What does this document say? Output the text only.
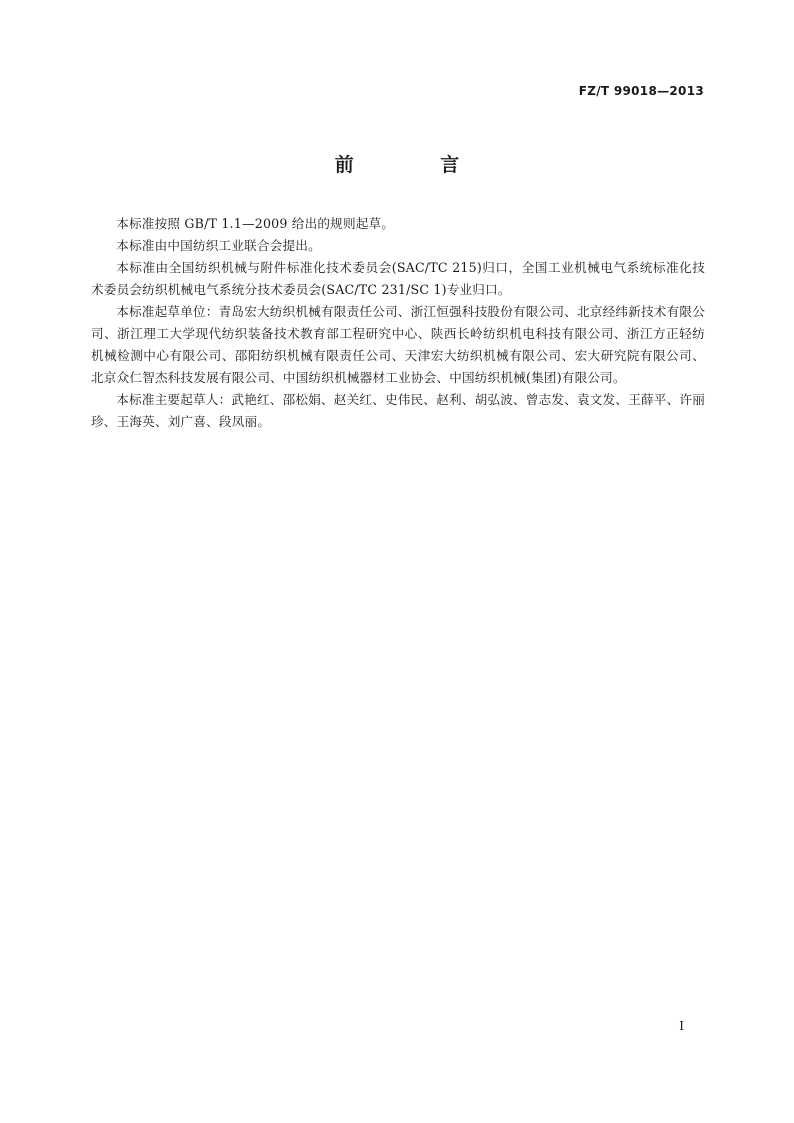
FZ/T 99018—2013
前 言

本标准按照 GB/T 1.1—2009 给出的规则起草。

本标准由中国纺织工业联合会提出。

本标准由全国纺织机械与附件标准化技术委员会(SAC/TC 215)归口，全国工业机械电气系统标准化技术委员会纺织机械电气系统分技术委员会(SAC/TC 231/SC 1)专业归口。

本标准起草单位：青岛宏大纺织机械有限责任公司、浙江恒强科技股份有限公司、北京经纬新技术有限公司、浙江理工大学现代纺织装备技术教育部工程研究中心、陕西长岭纺织机电科技有限公司、浙江方正轻纺机械检测中心有限公司、邵阳纺织机械有限责任公司、天津宏大纺织机械有限公司、宏大研究院有限公司、北京众仁智杰科技发展有限公司、中国纺织机械器材工业协会、中国纺织机械(集团)有限公司。

本标准主要起草人：武艳红、邵松娟、赵关红、史伟民、赵利、胡弘波、曾志发、袁文发、王薛平、许丽珍、王海英、刘广喜、段凤丽。

I
